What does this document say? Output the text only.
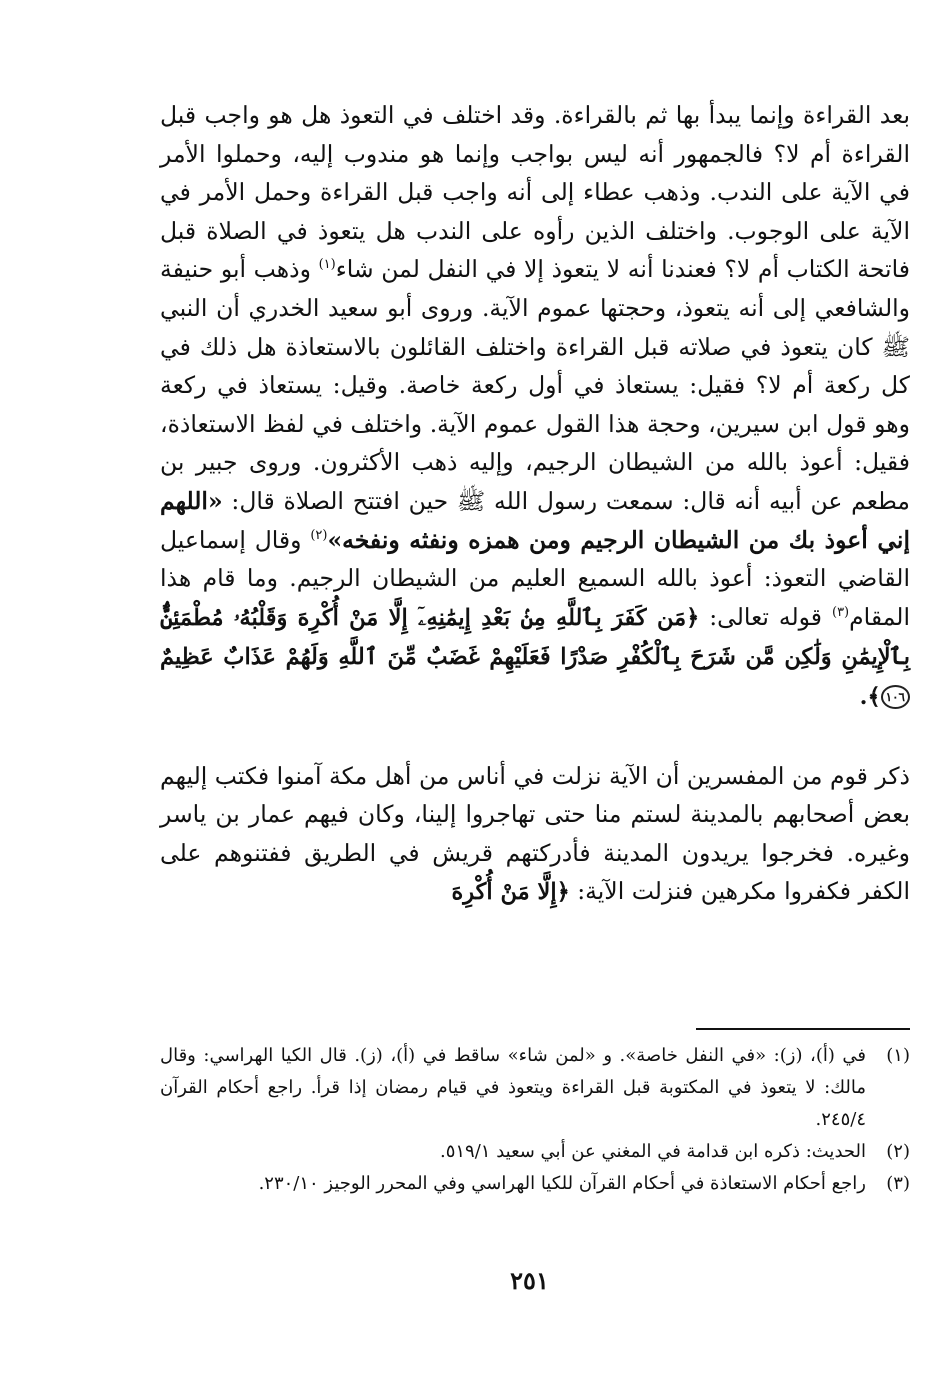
بعد القراءة وإنما يبدأ بها ثم بالقراءة. وقد اختلف في التعوذ هل هو واجب قبل القراءة أم لا؟ فالجمهور أنه ليس بواجب وإنما هو مندوب إليه، وحملوا الأمر في الآية على الندب. وذهب عطاء إلى أنه واجب قبل القراءة وحمل الأمر في الآية على الوجوب. واختلف الذين رأوه على الندب هل يتعوذ في الصلاة قبل فاتحة الكتاب أم لا؟ فعندنا أنه لا يتعوذ إلا في النفل لمن شاء$^{(١)}$ وذهب أبو حنيفة والشافعي إلى أنه يتعوذ، وحجتها عموم الآية. وروى أبو سعيد الخدري أن النبي ﷺ كان يتعوذ في صلاته قبل القراءة واختلف القائلون بالاستعاذة هل ذلك في كل ركعة أم لا؟ فقيل: يستعاذ في أول ركعة خاصة. وقيل: يستعاذ في ركعة وهو قول ابن سيرين، وحجة هذا القول عموم الآية. واختلف في لفظ الاستعاذة، فقيل: أعوذ بالله من الشيطان الرجيم، وإليه ذهب الأكثرون. وروى جبير بن مطعم عن أبيه أنه قال: سمعت رسول الله ﷺ حين افتتح الصلاة قال: «اللهم إني أعوذ بك من الشيطان الرجيم ومن همزه ونفثه ونفخه»$^{(٢)}$ وقال إسماعيل القاضي التعوذ: أعوذ بالله السميع العليم من الشيطان الرجيم. وما قام هذا المقام$^{(٣)}$ قوله تعالى: ﴿مَن كَفَرَ بِٱللَّهِ مِنۢ بَعْدِ إِيمَٰنِهِۦٓ إِلَّا مَنْ أُكْرِهَ وَقَلْبُهُۥ مُطْمَئِنٌّۢ بِٱلْإِيمَٰنِ وَلَٰكِن مَّن شَرَحَ بِٱلْكُفْرِ صَدْرًا فَعَلَيْهِمْ غَضَبٌ مِّنَ ٱللَّهِ وَلَهُمْ عَذَابٌ عَظِيمٌ ١٠٦﴾.

ذكر قوم من المفسرين أن الآية نزلت في أناس من أهل مكة آمنوا فكتب إليهم بعض أصحابهم بالمدينة لستم منا حتى تهاجروا إلينا، وكان فيهم عمار بن ياسر وغيره. فخرجوا يريدون المدينة فأدركتهم قريش في الطريق ففتنوهم على الكفر فكفروا مكرهين فنزلت الآية: ﴿إِلَّا مَنْ أُكْرِهَ

(١)
في (أ)، (ز): «في النفل خاصة». و «لمن شاء» ساقط في (أ)، (ز). قال الكيا الهراسي: وقال مالك: لا يتعوذ في المكتوبة قبل القراءة ويتعوذ في قيام رمضان إذا قرأ. راجع أحكام القرآن ٢٤٥/٤.
(٢)
الحديث: ذكره ابن قدامة في المغني عن أبي سعيد ٥١٩/١.
(٣)
راجع أحكام الاستعاذة في أحكام القرآن للكيا الهراسي وفي المحرر الوجيز ٢٣٠/١٠.
٢٥١
